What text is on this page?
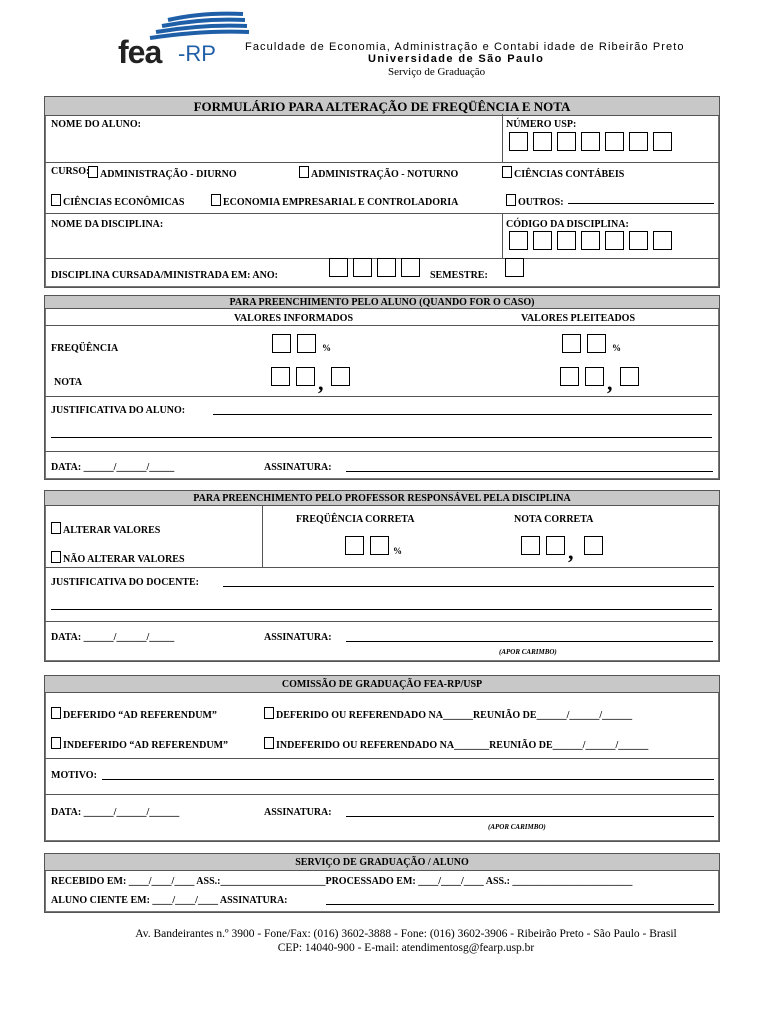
fea -RP	Faculdade de Economia, Administração e Contabi idade de Ribeirão Preto
Universidade de São Paulo
Serviço de Graduação
FORMULÁRIO PARA ALTERAÇÃO DE FREQÜÊNCIA E NOTA
NOME DO ALUNO:	NÚMERO USP:
CURSO:	ADMINISTRAÇÃO - DIURNO	ADMINISTRAÇÃO - NOTURNO	CIÊNCIAS CONTÁBEIS
CIÊNCIAS ECONÔMICAS	ECONOMIA EMPRESARIAL E CONTROLADORIA	OUTROS:
NOME DA DISCIPLINA:	CÓDIGO DA DISCIPLINA:
DISCIPLINA CURSADA/MINISTRADA EM: ANO:	SEMESTRE:
PARA PREENCHIMENTO PELO ALUNO (QUANDO FOR O CASO)
VALORES INFORMADOS	VALORES PLEITEADOS
FREQÜÊNCIA	%	%
NOTA	,	,
JUSTIFICATIVA DO ALUNO:
DATA: ______/______/_____	ASSINATURA:
PARA PREENCHIMENTO PELO PROFESSOR RESPONSÁVEL PELA DISCIPLINA
ALTERAR VALORES
NÃO ALTERAR VALORES
FREQÜÊNCIA CORRETA	NOTA CORRETA
%	,
JUSTIFICATIVA DO DOCENTE:
DATA: ______/______/_____	ASSINATURA:
(APOR CARIMBO)
COMISSÃO DE GRADUAÇÃO FEA-RP/USP
DEFERIDO “AD REFERENDUM”	DEFERIDO OU REFERENDADO NA______REUNIÃO DE______/______/______
INDEFERIDO “AD REFERENDUM”	INDEFERIDO OU REFERENDADO NA_______REUNIÃO DE______/______/______
MOTIVO:
DATA: ______/______/______	ASSINATURA:
(APOR CARIMBO)
SERVIÇO DE GRADUAÇÃO / ALUNO
RECEBIDO EM: ____/____/____ ASS.:_____________________PROCESSADO EM: ____/____/____ ASS.: ________________________
ALUNO CIENTE EM: ____/____/____ ASSINATURA:
Av. Bandeirantes n.º 3900 - Fone/Fax: (016) 3602-3888 - Fone: (016) 3602-3906 - Ribeirão Preto - São Paulo - Brasil
CEP: 14040-900 - E-mail: atendimentosg@fearp.usp.br
